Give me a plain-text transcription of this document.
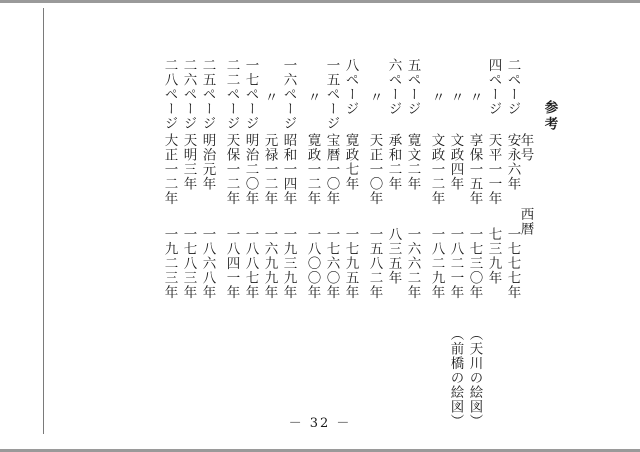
参考
年号
西暦
二ページ
安永六年
一七七七年
四ページ
天平一一年
七三九年
〃
享保一五年
一七三〇年
（天川の絵図）
〃
文政四年
一八二一年
（前橋の絵図）
〃
文政一二年
一八二九年
五ページ
寛文二年
一六六二年
六ページ
承和二年
八三五年
〃
天正一〇年
一五八二年
八ページ
寛政七年
一七九五年
一五ページ
宝暦一〇年
一七六〇年
〃
寛政一二年
一八〇〇年
一六ページ
昭和一四年
一九三九年
〃
元禄一二年
一六九九年
一七ページ
明治二〇年
一八八七年
二二ページ
天保一二年
一八四一年
二五ページ
明治元年
一八六八年
二六ページ
天明三年
一七八三年
二八ページ
大正一二年
一九二三年
－ 32 －
